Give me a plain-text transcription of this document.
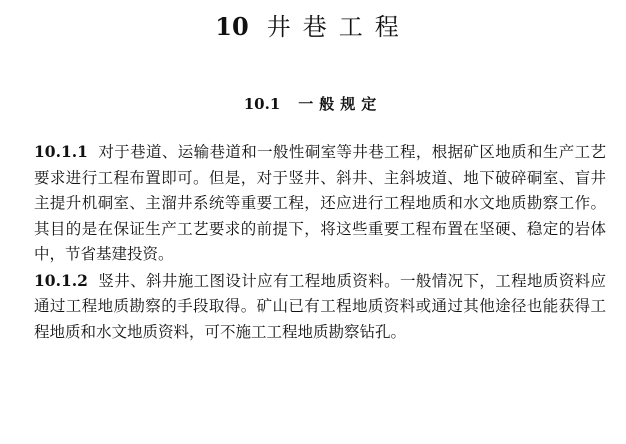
10 井巷工程
10.1 一般规定

10.1.1 对于巷道、运输巷道和一般性硐室等井巷工程，根据矿区地质和生产工艺要求进行工程布置即可。但是，对于竖井、斜井、主斜坡道、地下破碎硐室、盲井主提升机硐室、主溜井系统等重要工程，还应进行工程地质和水文地质勘察工作。其目的是在保证生产工艺要求的前提下，将这些重要工程布置在坚硬、稳定的岩体中，节省基建投资。

10.1.2 竖井、斜井施工图设计应有工程地质资料。一般情况下，工程地质资料应通过工程地质勘察的手段取得。矿山已有工程地质资料或通过其他途径也能获得工程地质和水文地质资料，可不施工工程地质勘察钻孔。
